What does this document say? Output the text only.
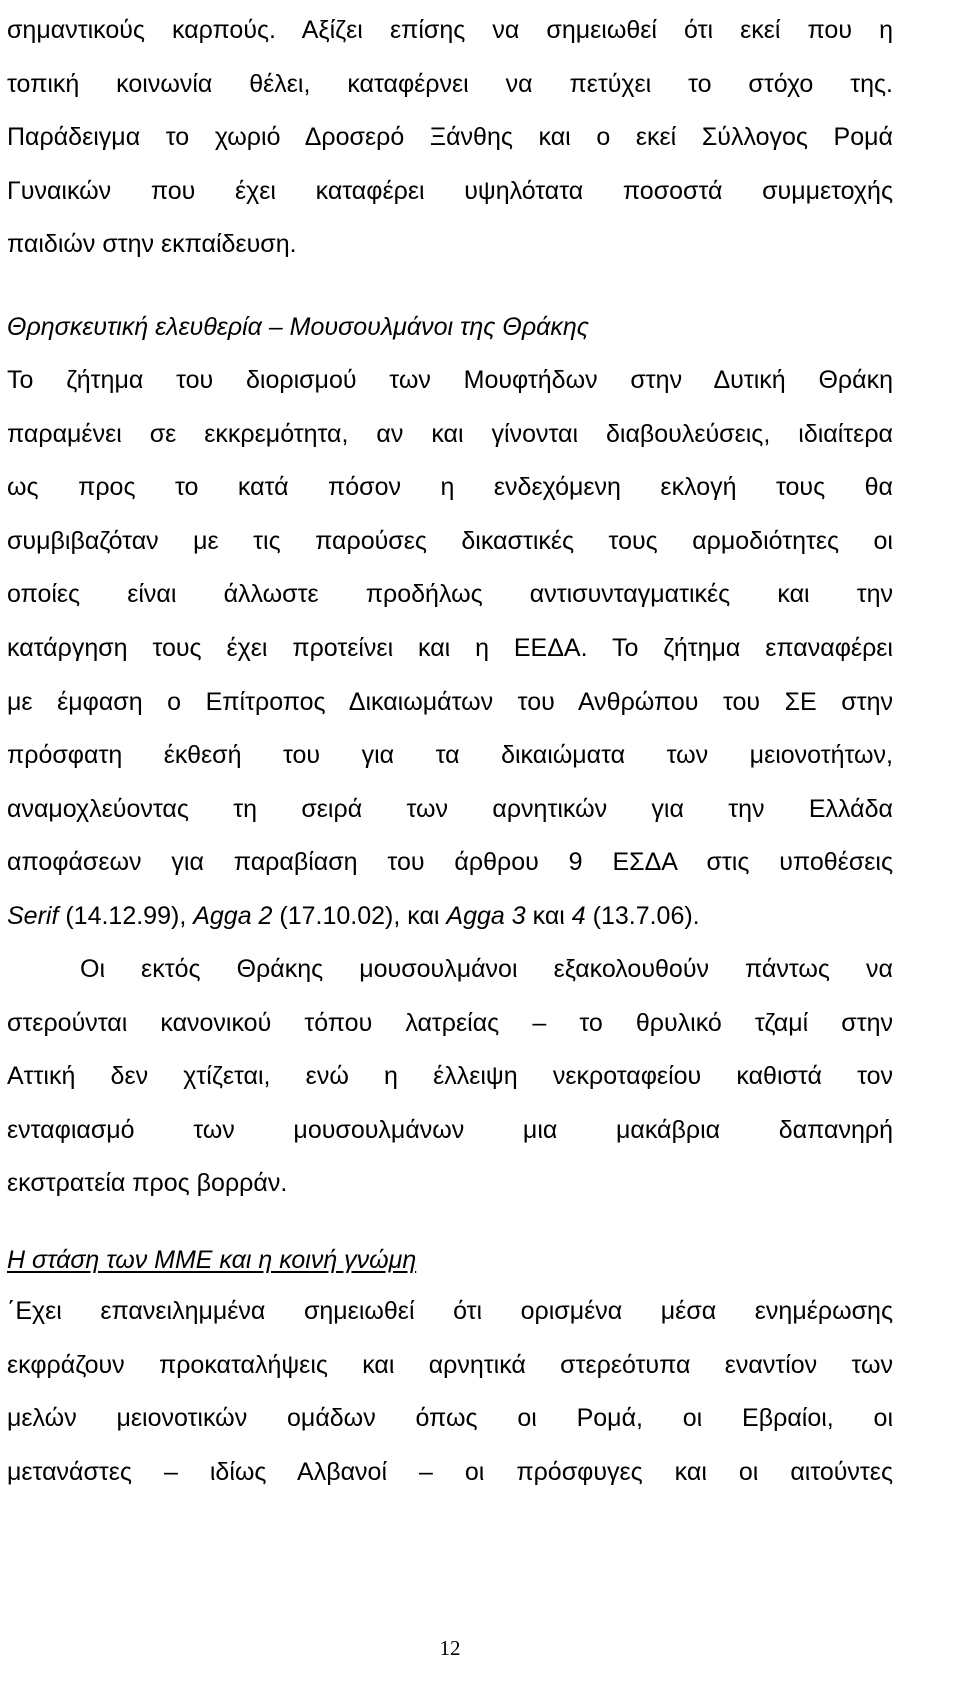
σημαντικούς καρπούς. Αξίζει επίσης να σημειωθεί ότι εκεί που η
τοπική κοινωνία θέλει, καταφέρνει να πετύχει το στόχο της.
Παράδειγμα το χωριό Δροσερό Ξάνθης και ο εκεί Σύλλογος Ρομά
Γυναικών που έχει καταφέρει υψηλότατα ποσοστά συμμετοχής
παιδιών στην εκπαίδευση.
Θρησκευτική ελευθερία – Μουσουλμάνοι της Θράκης
Το ζήτημα του διορισμού των Μουφτήδων στην Δυτική Θράκη
παραμένει σε εκκρεμότητα, αν και γίνονται διαβουλεύσεις, ιδιαίτερα
ως προς το κατά πόσον η ενδεχόμενη εκλογή τους θα
συμβιβαζόταν με τις παρούσες δικαστικές τους αρμοδιότητες οι
οποίες είναι άλλωστε προδήλως αντισυνταγματικές και την
κατάργηση τους έχει προτείνει και η ΕΕΔΑ. Το ζήτημα επαναφέρει
με έμφαση ο Επίτροπος Δικαιωμάτων του Ανθρώπου του ΣΕ στην
πρόσφατη έκθεσή του για τα δικαιώματα των μειονοτήτων,
αναμοχλεύοντας τη σειρά των αρνητικών για την Ελλάδα
αποφάσεων για παραβίαση του άρθρου 9 ΕΣΔΑ στις υποθέσεις
Serif (14.12.99), Agga 2 (17.10.02), και Agga 3 και 4 (13.7.06).
Οι εκτός Θράκης μουσουλμάνοι εξακολουθούν πάντως να
στερούνται κανονικού τόπου λατρείας – το θρυλικό τζαμί στην
Αττική δεν χτίζεται, ενώ η έλλειψη νεκροταφείου καθιστά τον
ενταφιασμό των μουσουλμάνων μια μακάβρια δαπανηρή
εκστρατεία προς βορράν.
Η στάση των ΜΜΕ και η κοινή γνώμη
΄Εχει επανειλημμένα σημειωθεί ότι ορισμένα μέσα ενημέρωσης
εκφράζουν προκαταλήψεις και αρνητικά στερεότυπα εναντίον των
μελών μειονοτικών ομάδων όπως οι Ρομά, οι Εβραίοι, οι
μετανάστες – ιδίως Αλβανοί – οι πρόσφυγες και οι αιτούντες
12
